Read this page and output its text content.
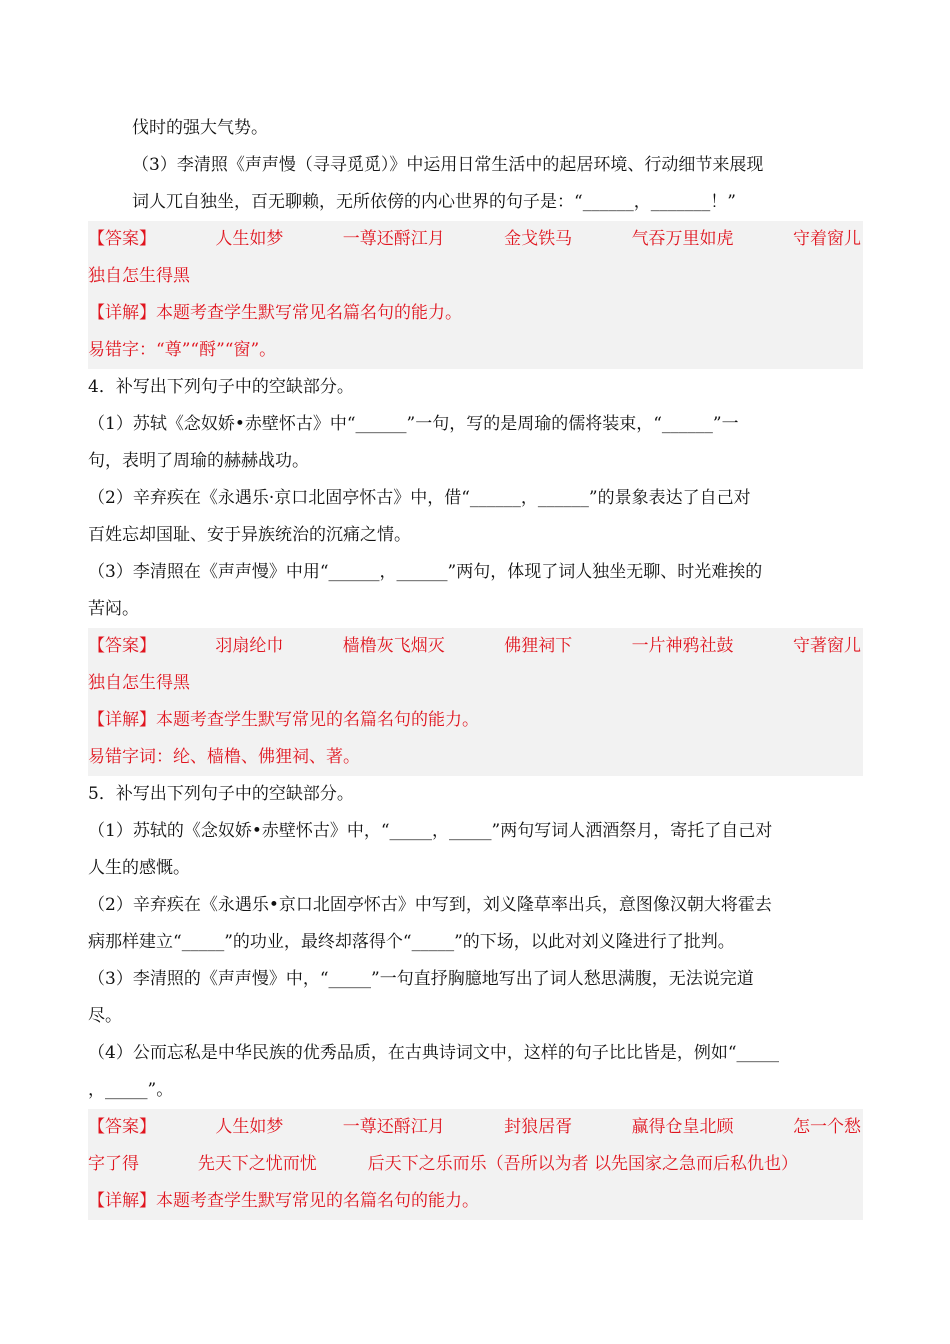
伐时的强大气势。
（3）李清照《声声慢（寻寻觅觅）》中运用日常生活中的起居环境、行动细节来展现
词人兀自独坐，百无聊赖，无所依傍的内心世界的句子是：“______，_______！”
【答案】	人生如梦	一尊还酹江月	金戈铁马	气吞万里如虎	守着窗儿
独自怎生得黑
【详解】本题考查学生默写常见名篇名句的能力。
易错字：“尊”“酹”“窗”。
4．补写出下列句子中的空缺部分。
（1）苏轼《念奴娇•赤壁怀古》中“______”一句，写的是周瑜的儒将装束，“______”一
句，表明了周瑜的赫赫战功。
（2）辛弃疾在《永遇乐·京口北固亭怀古》中，借“______，______”的景象表达了自己对
百姓忘却国耻、安于异族统治的沉痛之情。
（3）李清照在《声声慢》中用“______，______”两句，体现了词人独坐无聊、时光难挨的
苦闷。
【答案】	羽扇纶巾	樯橹灰飞烟灭	佛狸祠下	一片神鸦社鼓	守著窗儿
独自怎生得黑
【详解】本题考查学生默写常见的名篇名句的能力。
易错字词：纶、樯橹、佛狸祠、著。
5．补写出下列句子中的空缺部分。
（1）苏轼的《念奴娇•赤壁怀古》中，“_____，_____”两句写词人洒酒祭月，寄托了自己对
人生的感慨。
（2）辛弃疾在《永遇乐•京口北固亭怀古》中写到，刘义隆草率出兵，意图像汉朝大将霍去
病那样建立“_____”的功业，最终却落得个“_____”的下场，以此对刘义隆进行了批判。
（3）李清照的《声声慢》中，“_____”一句直抒胸臆地写出了词人愁思满腹，无法说完道
尽。
（4）公而忘私是中华民族的优秀品质，在古典诗词文中，这样的句子比比皆是，例如“_____
，_____”。
【答案】	人生如梦	一尊还酹江月	封狼居胥	赢得仓皇北顾	怎一个愁
字了得	先天下之忧而忧	后天下之乐而乐（吾所以为者 以先国家之急而后私仇也）
【详解】本题考查学生默写常见的名篇名句的能力。
